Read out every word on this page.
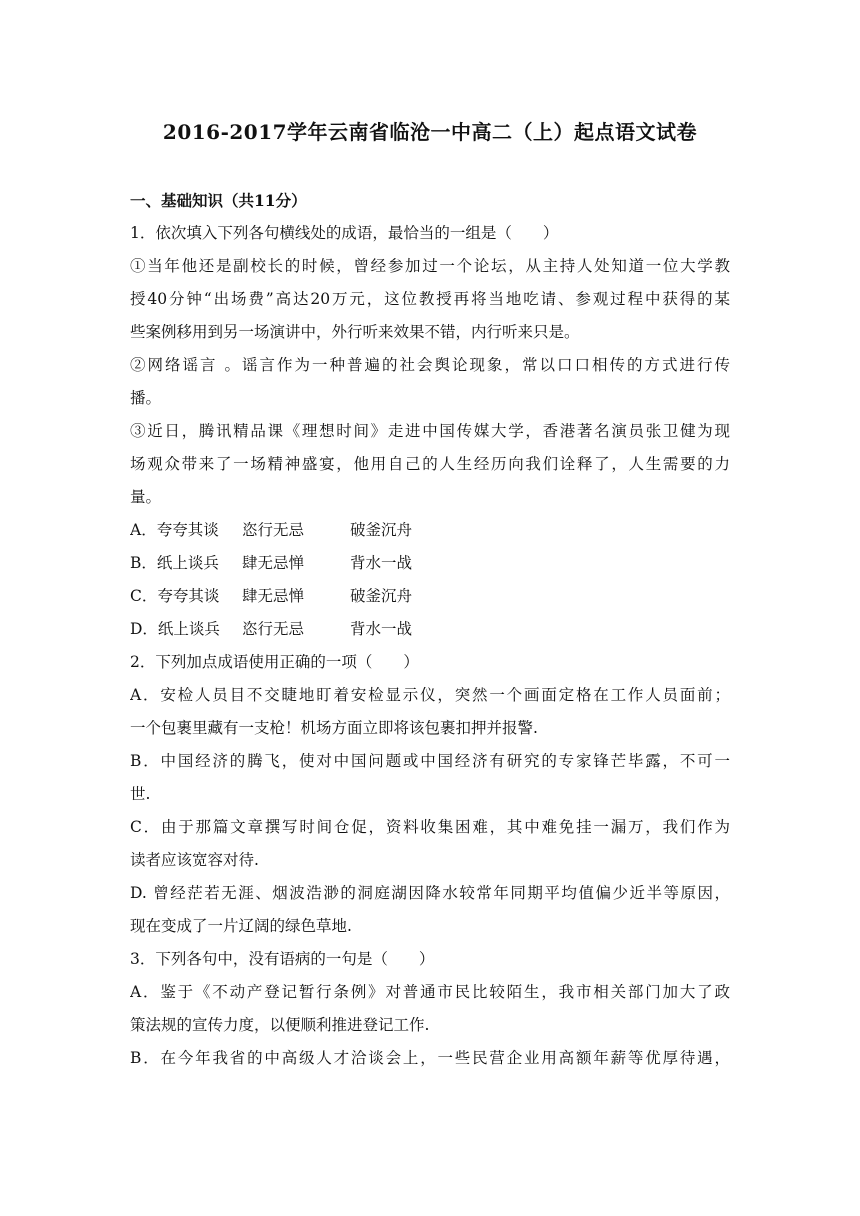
2016-2017学年云南省临沧一中高二（上）起点语文试卷
一、基础知识（共11分）
1．依次填入下列各句横线处的成语，最恰当的一组是（　　）
①当年他还是副校长的时候，曾经参加过一个论坛，从主持人处知道一位大学教
授40分钟“出场费”高达20万元，这位教授再将当地吃请、参观过程中获得的某
些案例移用到另一场演讲中，外行听来效果不错，内行听来只是。
②网络谣言 。谣言作为一种普遍的社会舆论现象，常以口口相传的方式进行传
播。
③近日，腾讯精品课《理想时间》走进中国传媒大学，香港著名演员张卫健为现
场观众带来了一场精神盛宴，他用自己的人生经历向我们诠释了，人生需要的力
量。
A．夸夸其谈 恣行无忌	破釜沉舟
B．纸上谈兵 肆无忌惮	背水一战
C．夸夸其谈 肆无忌惮	破釜沉舟
D．纸上谈兵 恣行无忌	背水一战
2．下列加点成语使用正确的一项（　　）
A．安检人员目不交睫地盯着安检显示仪，突然一个画面定格在工作人员面前；
一个包裹里藏有一支枪！机场方面立即将该包裹扣押并报警.
B．中国经济的腾飞，使对中国问题或中国经济有研究的专家锋芒毕露，不可一
世.
C．由于那篇文章撰写时间仓促，资料收集困难，其中难免挂一漏万，我们作为
读者应该宽容对待.
D. 曾经茫若无涯、烟波浩渺的洞庭湖因降水较常年同期平均值偏少近半等原因，
现在变成了一片辽阔的绿色草地.
3．下列各句中，没有语病的一句是（　　）
A．鉴于《不动产登记暂行条例》对普通市民比较陌生，我市相关部门加大了政
策法规的宣传力度，以便顺利推进登记工作.
B．在今年我省的中高级人才洽谈会上，一些民营企业用高额年薪等优厚待遇，
